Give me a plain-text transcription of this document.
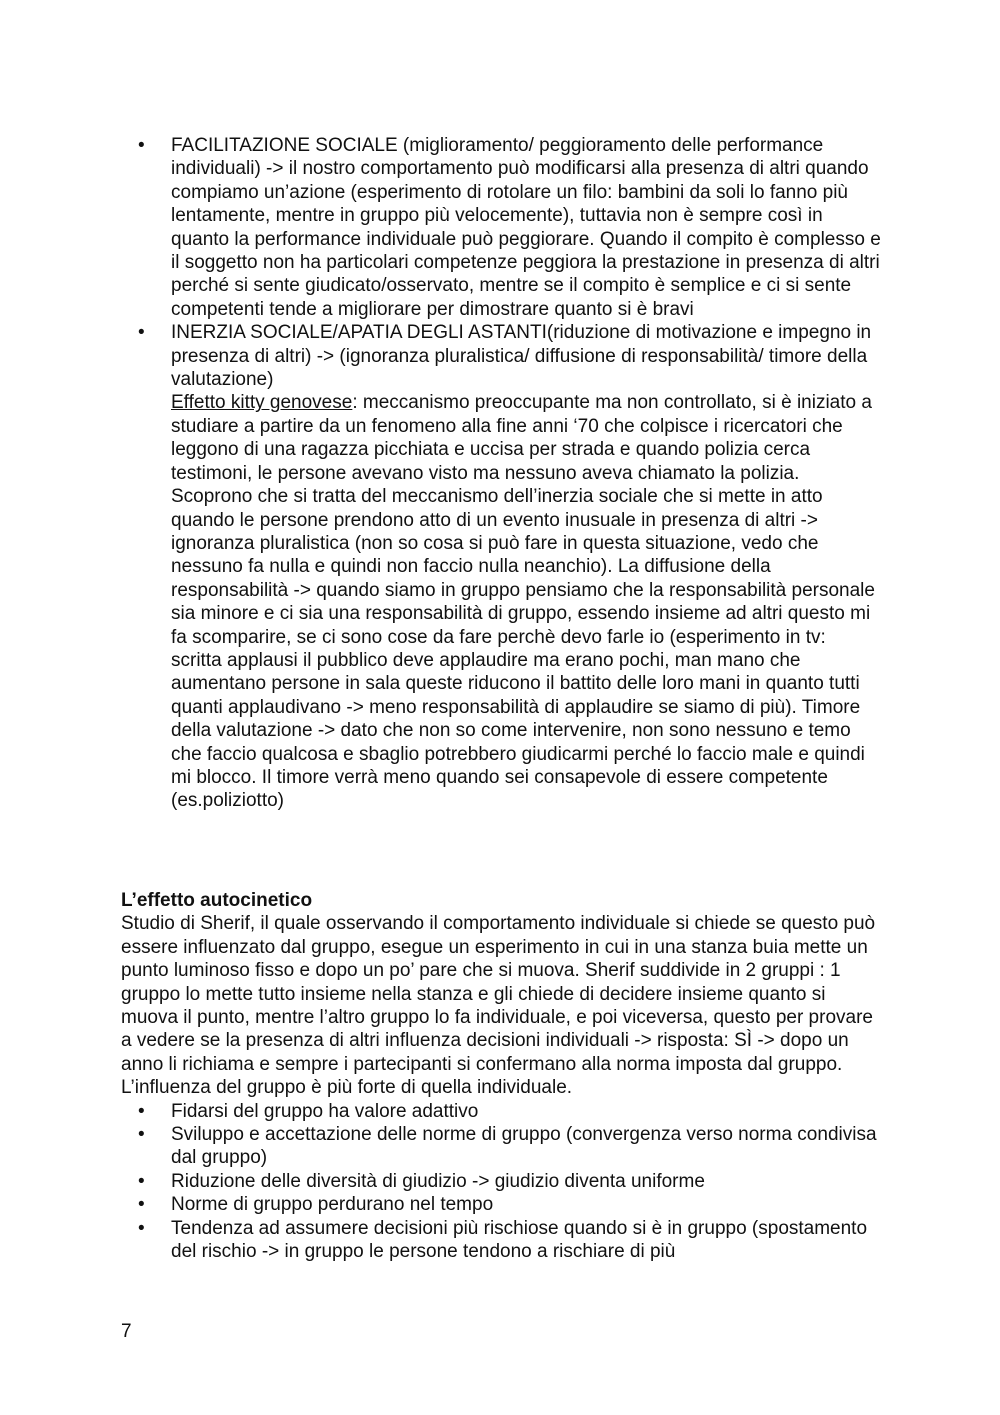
• FACILITAZIONE SOCIALE (miglioramento/ peggioramento delle performance individuali) -> il nostro comportamento può modificarsi alla presenza di altri quando compiamo un’azione (esperimento di rotolare un filo: bambini da soli lo fanno più lentamente, mentre in gruppo più velocemente), tuttavia non è sempre così in quanto la performance individuale può peggiorare. Quando il compito è complesso e il soggetto non ha particolari competenze peggiora la prestazione in presenza di altri perché si sente giudicato/osservato, mentre se il compito è semplice e ci si sente competenti tende a migliorare per dimostrare quanto si è bravi
• INERZIA SOCIALE/APATIA DEGLI ASTANTI(riduzione di motivazione e impegno in presenza di altri) -> (ignoranza pluralistica/ diffusione di responsabilità/ timore della valutazione)
Effetto kitty genovese: meccanismo preoccupante ma non controllato, si è iniziato a studiare a partire da un fenomeno alla fine anni ‘70 che colpisce i ricercatori che leggono di una ragazza picchiata e uccisa per strada e quando polizia cerca testimoni, le persone avevano visto ma nessuno aveva chiamato la polizia. Scoprono che si tratta del meccanismo dell’inerzia sociale che si mette in atto quando le persone prendono atto di un evento inusuale in presenza di altri -> ignoranza pluralistica (non so cosa si può fare in questa situazione, vedo che nessuno fa nulla e quindi non faccio nulla neanchio). La diffusione della responsabilità -> quando siamo in gruppo pensiamo che la responsabilità personale sia minore e ci sia una responsabilità di gruppo, essendo insieme ad altri questo mi fa scomparire, se ci sono cose da fare perchè devo farle io (esperimento in tv: scritta applausi il pubblico deve applaudire ma erano pochi, man mano che aumentano persone in sala queste riducono il battito delle loro mani in quanto tutti quanti applaudivano -> meno responsabilità di applaudire se siamo di più). Timore della valutazione -> dato che non so come intervenire, non sono nessuno e temo che faccio qualcosa e sbaglio potrebbero giudicarmi perché lo faccio male e quindi mi blocco. Il timore verrà meno quando sei consapevole di essere competente (es.poliziotto)
L’effetto autocinetico

Studio di Sherif, il quale osservando il comportamento individuale si chiede se questo può essere influenzato dal gruppo, esegue un esperimento in cui in una stanza buia mette un punto luminoso fisso e dopo un po’ pare che si muova. Sherif suddivide in 2 gruppi : 1 gruppo lo mette tutto insieme nella stanza e gli chiede di decidere insieme quanto si muova il punto, mentre l’altro gruppo lo fa individuale, e poi viceversa, questo per provare a vedere se la presenza di altri influenza decisioni individuali -> risposta: SÌ -> dopo un anno li richiama e sempre i partecipanti si confermano alla norma imposta dal gruppo.

L’influenza del gruppo è più forte di quella individuale.

• Fidarsi del gruppo ha valore adattivo
• Sviluppo e accettazione delle norme di gruppo (convergenza verso norma condivisa dal gruppo)
• Riduzione delle diversità di giudizio -> giudizio diventa uniforme
• Norme di gruppo perdurano nel tempo
• Tendenza ad assumere decisioni più rischiose quando si è in gruppo (spostamento del rischio -> in gruppo le persone tendono a rischiare di più
7
